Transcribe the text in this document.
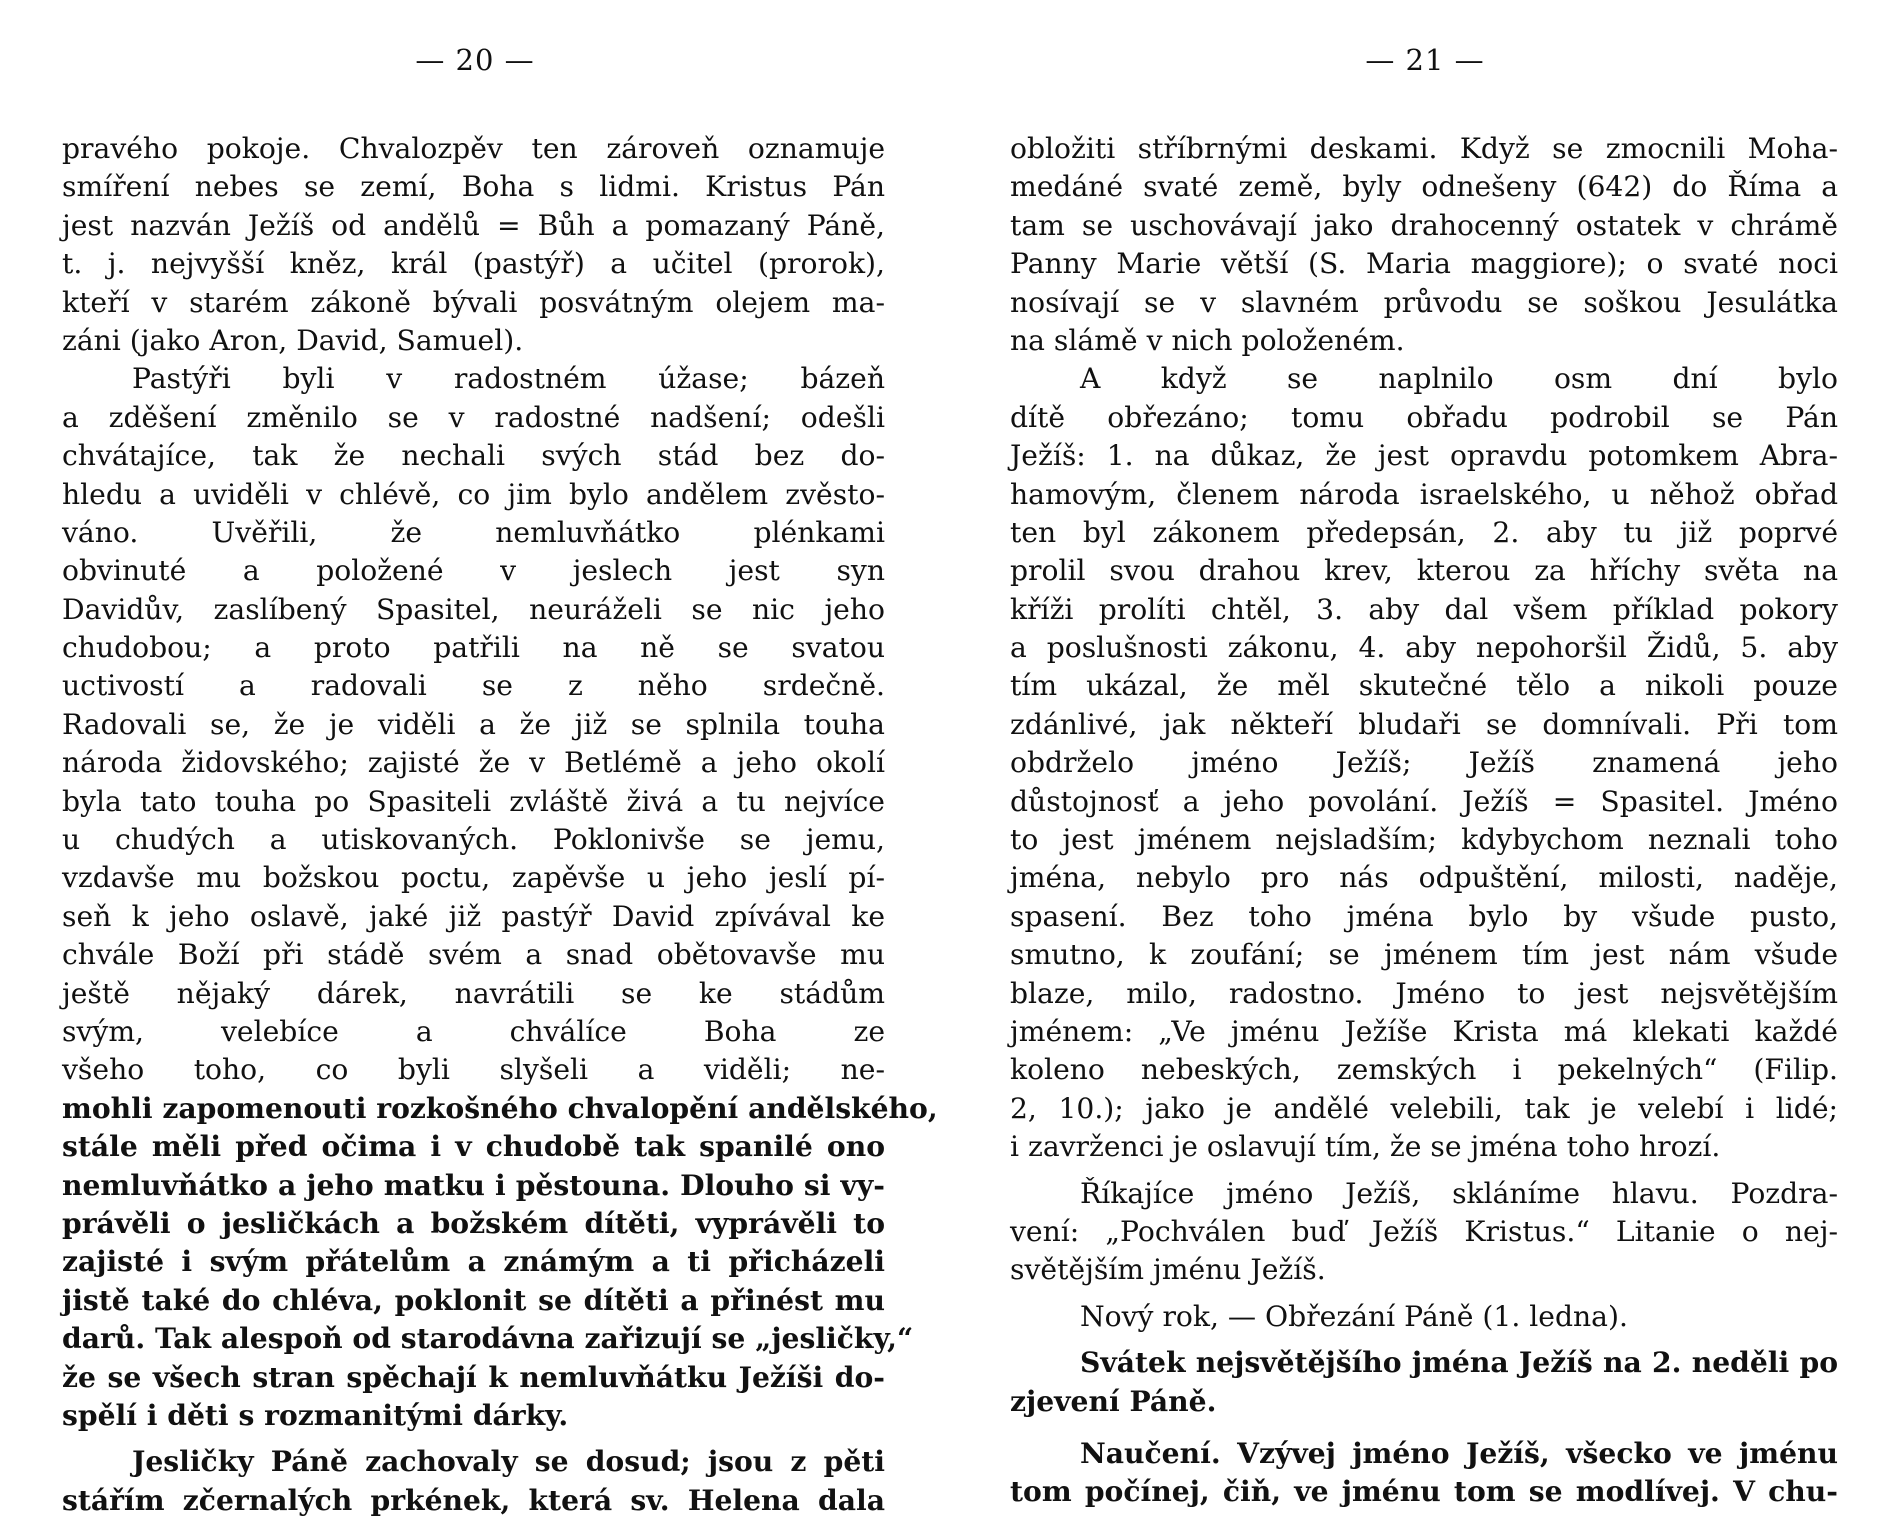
— 20 —
pravého pokoje. Chvalozpěv ten zároveň oznamuje
smíření nebes se zemí, Boha s lidmi. Kristus Pán
jest nazván Ježíš od andělů = Bůh a pomazaný Páně,
t. j. nejvyšší kněz, král (pastýř) a učitel (prorok),
kteří v starém zákoně bývali posvátným olejem ma-
záni (jako Aron, David, Samuel).
Pastýři byli v radostném úžase; bázeň
a zděšení změnilo se v radostné nadšení; odešli
chvátajíce, tak že nechali svých stád bez do-
hledu a uviděli v chlévě, co jim bylo andělem zvěsto-
váno. Uvěřili, že nemluvňátko plénkami
obvinuté a položené v jeslech jest syn
Davidův, zaslíbený Spasitel, neuráželi se nic jeho
chudobou; a proto patřili na ně se svatou
uctivostí a radovali se z něho srdečně.
Radovali se, že je viděli a že již se splnila touha
národa židovského; zajisté že v Betlémě a jeho okolí
byla tato touha po Spasiteli zvláště živá a tu nejvíce
u chudých a utiskovaných. Poklonivše se jemu,
vzdavše mu božskou poctu, zapěvše u jeho jeslí pí-
seň k jeho oslavě, jaké již pastýř David zpívával ke
chvále Boží při stádě svém a snad obětovavše mu
ještě nějaký dárek, navrátili se ke stádům
svým, velebíce a chválíce Boha ze
všeho toho, co byli slyšeli a viděli; ne-
mohli zapomenouti rozkošného chvalopění andělského,
stále měli před očima i v chudobě tak spanilé ono
nemluvňátko a jeho matku i pěstouna. Dlouho si vy-
právěli o jesličkách a božském dítěti, vyprávěli to
zajisté i svým přátelům a známým a ti přicházeli
jistě také do chléva, poklonit se dítěti a přinést mu
darů. Tak alespoň od starodávna zařizují se „jesličky,“
že se všech stran spěchají k nemluvňátku Ježíši do-
spělí i děti s rozmanitými dárky.
Jesličky Páně zachovaly se dosud; jsou z pěti
stářím zčernalých prkének, která sv. Helena dala
— 21 —
obložiti stříbrnými deskami. Když se zmocnili Moha-
medáné svaté země, byly odnešeny (642) do Říma a
tam se uschovávají jako drahocenný ostatek v chrámě
Panny Marie větší (S. Maria maggiore); o svaté noci
nosívají se v slavném průvodu se soškou Jesulátka
na slámě v nich položeném.
A když se naplnilo osm dní bylo
dítě obřezáno; tomu obřadu podrobil se Pán
Ježíš: 1. na důkaz, že jest opravdu potomkem Abra-
hamovým, členem národa israelského, u něhož obřad
ten byl zákonem předepsán, 2. aby tu již poprvé
prolil svou drahou krev, kterou za hříchy světa na
kříži prolíti chtěl, 3. aby dal všem příklad pokory
a poslušnosti zákonu, 4. aby nepohoršil Židů, 5. aby
tím ukázal, že měl skutečné tělo a nikoli pouze
zdánlivé, jak někteří bludaři se domnívali. Při tom
obdrželo jméno Ježíš; Ježíš znamená jeho
důstojnosť a jeho povolání. Ježíš = Spasitel. Jméno
to jest jménem nejsladším; kdybychom neznali toho
jména, nebylo pro nás odpuštění, milosti, naděje,
spasení. Bez toho jména bylo by všude pusto,
smutno, k zoufání; se jménem tím jest nám všude
blaze, milo, radostno. Jméno to jest nejsvětějším
jménem: „Ve jménu Ježíše Krista má klekati každé
koleno nebeských, zemských i pekelných“ (Filip.
2, 10.); jako je andělé velebili, tak je velebí i lidé;
i zavrženci je oslavují tím, že se jména toho hrozí.
Říkajíce jméno Ježíš, skláníme hlavu. Pozdra-
vení: „Pochválen buď Ježíš Kristus.“ Litanie o nej-
světějším jménu Ježíš.
Nový rok, — Obřezání Páně (1. ledna).
Svátek nejsvětějšího jména Ježíš na 2. neděli po
zjevení Páně.
Naučení. Vzývej jméno Ježíš, všecko ve jménu
tom počínej, čiň, ve jménu tom se modlívej. V chu-
